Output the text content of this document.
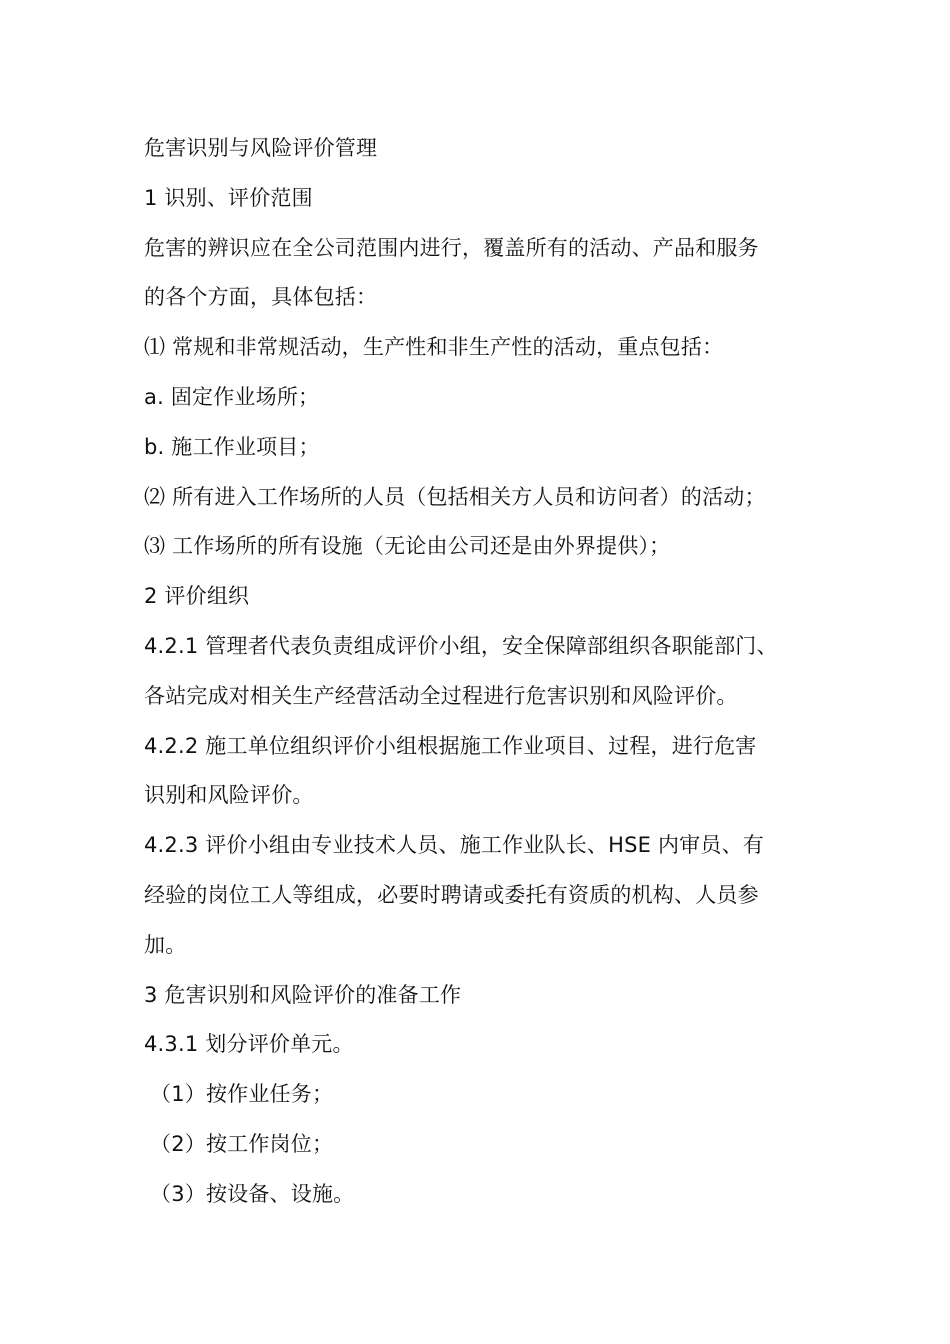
危害识别与风险评价管理
1 识别、评价范围
危害的辨识应在全公司范围内进行，覆盖所有的活动、产品和服务
的各个方面，具体包括：
⑴ 常规和非常规活动，生产性和非生产性的活动，重点包括：
a. 固定作业场所；
b. 施工作业项目；
⑵ 所有进入工作场所的人员（包括相关方人员和访问者）的活动；
⑶ 工作场所的所有设施（无论由公司还是由外界提供）；
2 评价组织
4.2.1 管理者代表负责组成评价小组，安全保障部组织各职能部门、
各站完成对相关生产经营活动全过程进行危害识别和风险评价。
4.2.2 施工单位组织评价小组根据施工作业项目、过程，进行危害
识别和风险评价。
4.2.3 评价小组由专业技术人员、施工作业队长、HSE 内审员、有
经验的岗位工人等组成，必要时聘请或委托有资质的机构、人员参
加。
3 危害识别和风险评价的准备工作
4.3.1 划分评价单元。
（1）按作业任务；
（2）按工作岗位；
（3）按设备、设施。
